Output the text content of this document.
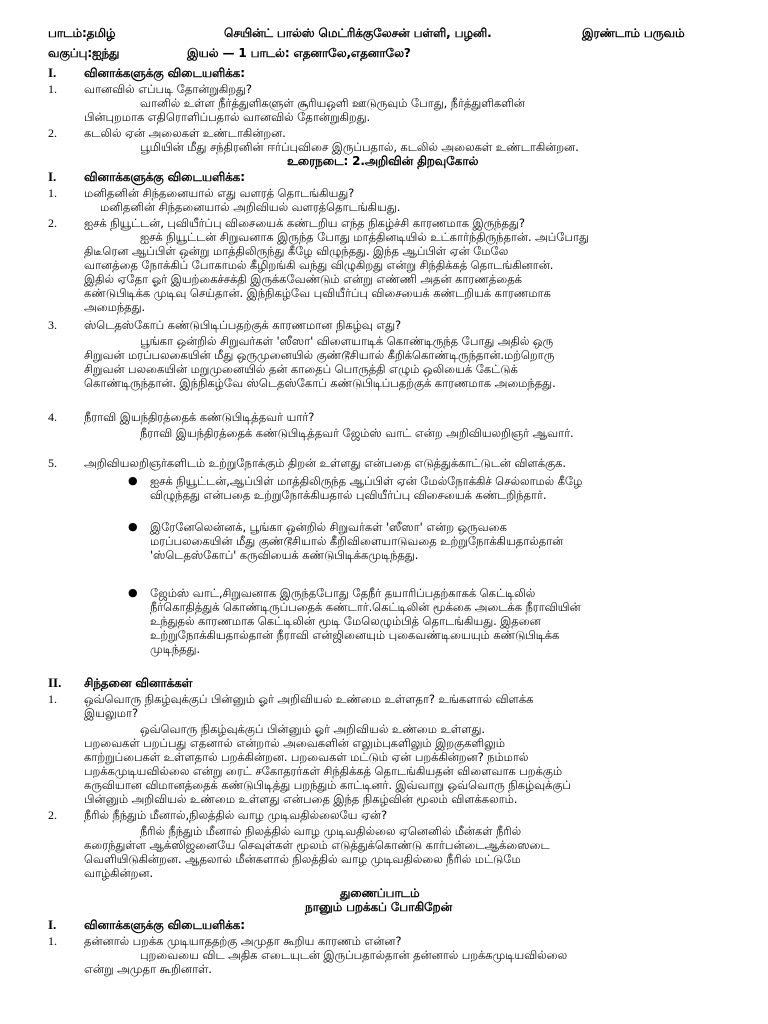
பாடம்:தமிழ்	செயின்ட் பால்ஸ் மெட்ரிக்குலேசன் பள்ளி, பழனி.	இரண்டாம் பருவம்
வகுப்பு:ஐந்து	இயல் — 1 பாடல்: எதனாலே,எதனாலே?
I. வினாக்களுக்கு விடையளிக்க:
1. வானவில் எப்படி தோன்றுகிறது?
வானில் உள்ள நீர்த்துளிகளுள் சூரியஒளி ஊடுருவும் போது, நீர்த்துளிகளின்
பின்புறமாக எதிரொளிப்பதால் வானவில் தோன்றுகிறது.
2. கடலில் ஏன் அலைகள் உண்டாகின்றன.
பூமியின் மீது சந்திரனின் ஈர்ப்புவிசை இருப்பதால், கடலில் அலைகள் உண்டாகின்றன.
உரைநடை: 2.அறிவின் திறவுகோல்
I. வினாக்களுக்கு விடையளிக்க:
1. மனிதனின் சிந்தனையால் எது வளரத் தொடங்கியது?
மனிதனின் சிந்தனையால் அறிவியல் வளரத்தொடங்கியது.
2. ஐசக் நியூட்டன், புவியீர்ப்பு விசையைக் கண்டறிய எந்த நிகழ்ச்சி காரணமாக இருந்தது?
ஐசக் நியூட்டன் சிறுவனாக இருந்த போது மாத்தினடியில் உட்கார்ந்திருந்தான். அப்போது
திடீரென ஆப்பிள் ஒன்று மாத்திலிருந்து கீழே விழுந்தது. இந்த ஆப்பிள் ஏன் மேலே
வானத்தை நோக்கிப் போகாமல் கீழிறங்கி வந்து விழுகிறது என்று சிந்திக்கத் தொடங்கினான்.
இதில் ஏதோ ஓர் இயற்கைச்சக்தி இருக்கவேண்டும் என்று எண்ணி அதன் காரணத்தைக்
கண்டுபிடிக்க முடிவு செய்தான். இந்நிகழ்வே புவியீர்ப்பு விசையைக் கண்டறியக் காரணமாக
அமைந்தது.
3. ஸ்டெதஸ்கோப் கண்டுபிடிப்பதற்குக் காரணமான நிகழ்வு எது?
பூங்கா ஒன்றில் சிறுவர்கள் 'ஸீஸா' விளையாடிக் கொண்டிருந்த போது அதில் ஒரு
சிறுவன் மரப்பலகையின் மீது ஒருமுனையில் குண்டூசியால் கீறிக்கொண்டிருந்தான்.மற்றொரு
சிறுவன் பலகையின் மறுமுனையில் தன் காதைப் பொருத்தி எழும் ஒலியைக் கேட்டுக்
கொண்டிருந்தான். இந்நிகழ்வே ஸ்டெதஸ்கோப் கண்டுபிடிப்பதற்குக் காரணமாக அமைந்தது.
4. நீராவி இயந்திரத்தைக் கண்டுபிடித்தவர் யார்?
நீராவி இயந்திரத்தைக் கண்டுபிடித்தவர் ஜேம்ஸ் வாட் என்ற அறிவியலறிஞர் ஆவார்.
5. அறிவியலறிஞர்களிடம் உற்றுநோக்கும் திறன் உள்ளது என்பதை எடுத்துக்காட்டுடன் விளக்குக.
● ஐசக் நியூட்டன்,ஆப்பிள் மாத்திலிருந்த ஆப்பிள் ஏன் மேல்நோக்கிச் செல்லாமல் கீழே
விழுந்தது என்பதை உற்றுநோக்கியதால் புவியீர்ப்பு விசையைக் கண்டறிந்தார்.
● இரேனேலென்னக், பூங்கா ஒன்றில் சிறுவர்கள் 'ஸீஸா' என்ற ஒருவகை
மரப்பலகையின் மீது குண்டூசியால் கீறிவிளையாடுவதை உற்றுநோக்கியதால்தான்
'ஸ்டெதஸ்கோப்' கருவியைக் கண்டுபிடிக்கமுடிந்தது.
● ஜேம்ஸ் வாட்,சிறுவனாக இருந்தபோது தேநீர் தயாரிப்பதற்காகக் கெட்டிலில்
நீர்கொதித்துக் கொண்டிருப்பதைக் கண்டார்.கெட்டிலின் மூக்கை அடைக்க நீராவியின்
உந்துதல் காரணமாக கெட்டிலின் மூடி மேலெழும்பித் தொடங்கியது. இதனை
உற்றுநோக்கியதால்தான் நீராவி என்ஜினையும் புகைவண்டியையும் கண்டுபிடிக்க
முடிந்தது.
II. சிந்தனை வினாக்கள்
1. ஒவ்வொரு நிகழ்வுக்குப் பின்னும் ஓர் அறிவியல் உண்மை உள்ளதா? உங்களால் விளக்க
இயலுமா?
ஒவ்வொரு நிகழ்வுக்குப் பின்னும் ஓர் அறிவியல் உண்மை உள்ளது.
பறவைகள் பறப்பது எதனால் என்றால் அவைகளின் எலும்புகளிலும் இறகுகளிலும்
காற்றுப்பைகள் உள்ளதால் பறக்கின்றன. பறவைகள் மட்டும் ஏன் பறக்கின்றன? நம்மால்
பறக்கமுடியவில்லை என்று ரைட் சகோதரர்கள் சிந்திக்கத் தொடங்கியதன் விளைவாக பறக்கும்
கருவியான விமானத்தைக் கண்டுபிடித்து பறந்தும் காட்டினர். இவ்வாறு ஒவ்வொரு நிகழ்வுக்குப்
பின்னும் அறிவியல் உண்மை உள்ளது என்பதை இந்த நிகழ்வின் மூலம் விளக்கலாம்.
2. நீரில் நீந்தும் மீனால்,நிலத்தில் வாழ முடிவதில்லையே ஏன்?
நீரில் நீந்தும் மீனால் நிலத்தில் வாழ முடிவதில்லை ஏனெனில் மீன்கள் நீரில்
கரைந்துள்ள ஆக்ஸிஜனையே செவுள்கள் மூலம் எடுத்துக்கொண்டு கார்பன்டைஆக்ஸைடை
வெளியிடுகின்றன. ஆதலால் மீன்களால் நிலத்தில் வாழ முடிவதில்லை நீரில் மட்டுமே
வாழ்கின்றன.
துணைப்பாடம்
நானும் பறக்கப் போகிறேன்
I. வினாக்களுக்கு விடையளிக்க:
1. தன்னால் பறக்க முடியாததற்கு அமுதா கூறிய காரணம் என்ன?
புறவையை விட அதிக எடையுடன் இருப்பதால்தான் தன்னால் பறக்கமுடியவில்லை
என்று அமுதா கூறினாள்.
